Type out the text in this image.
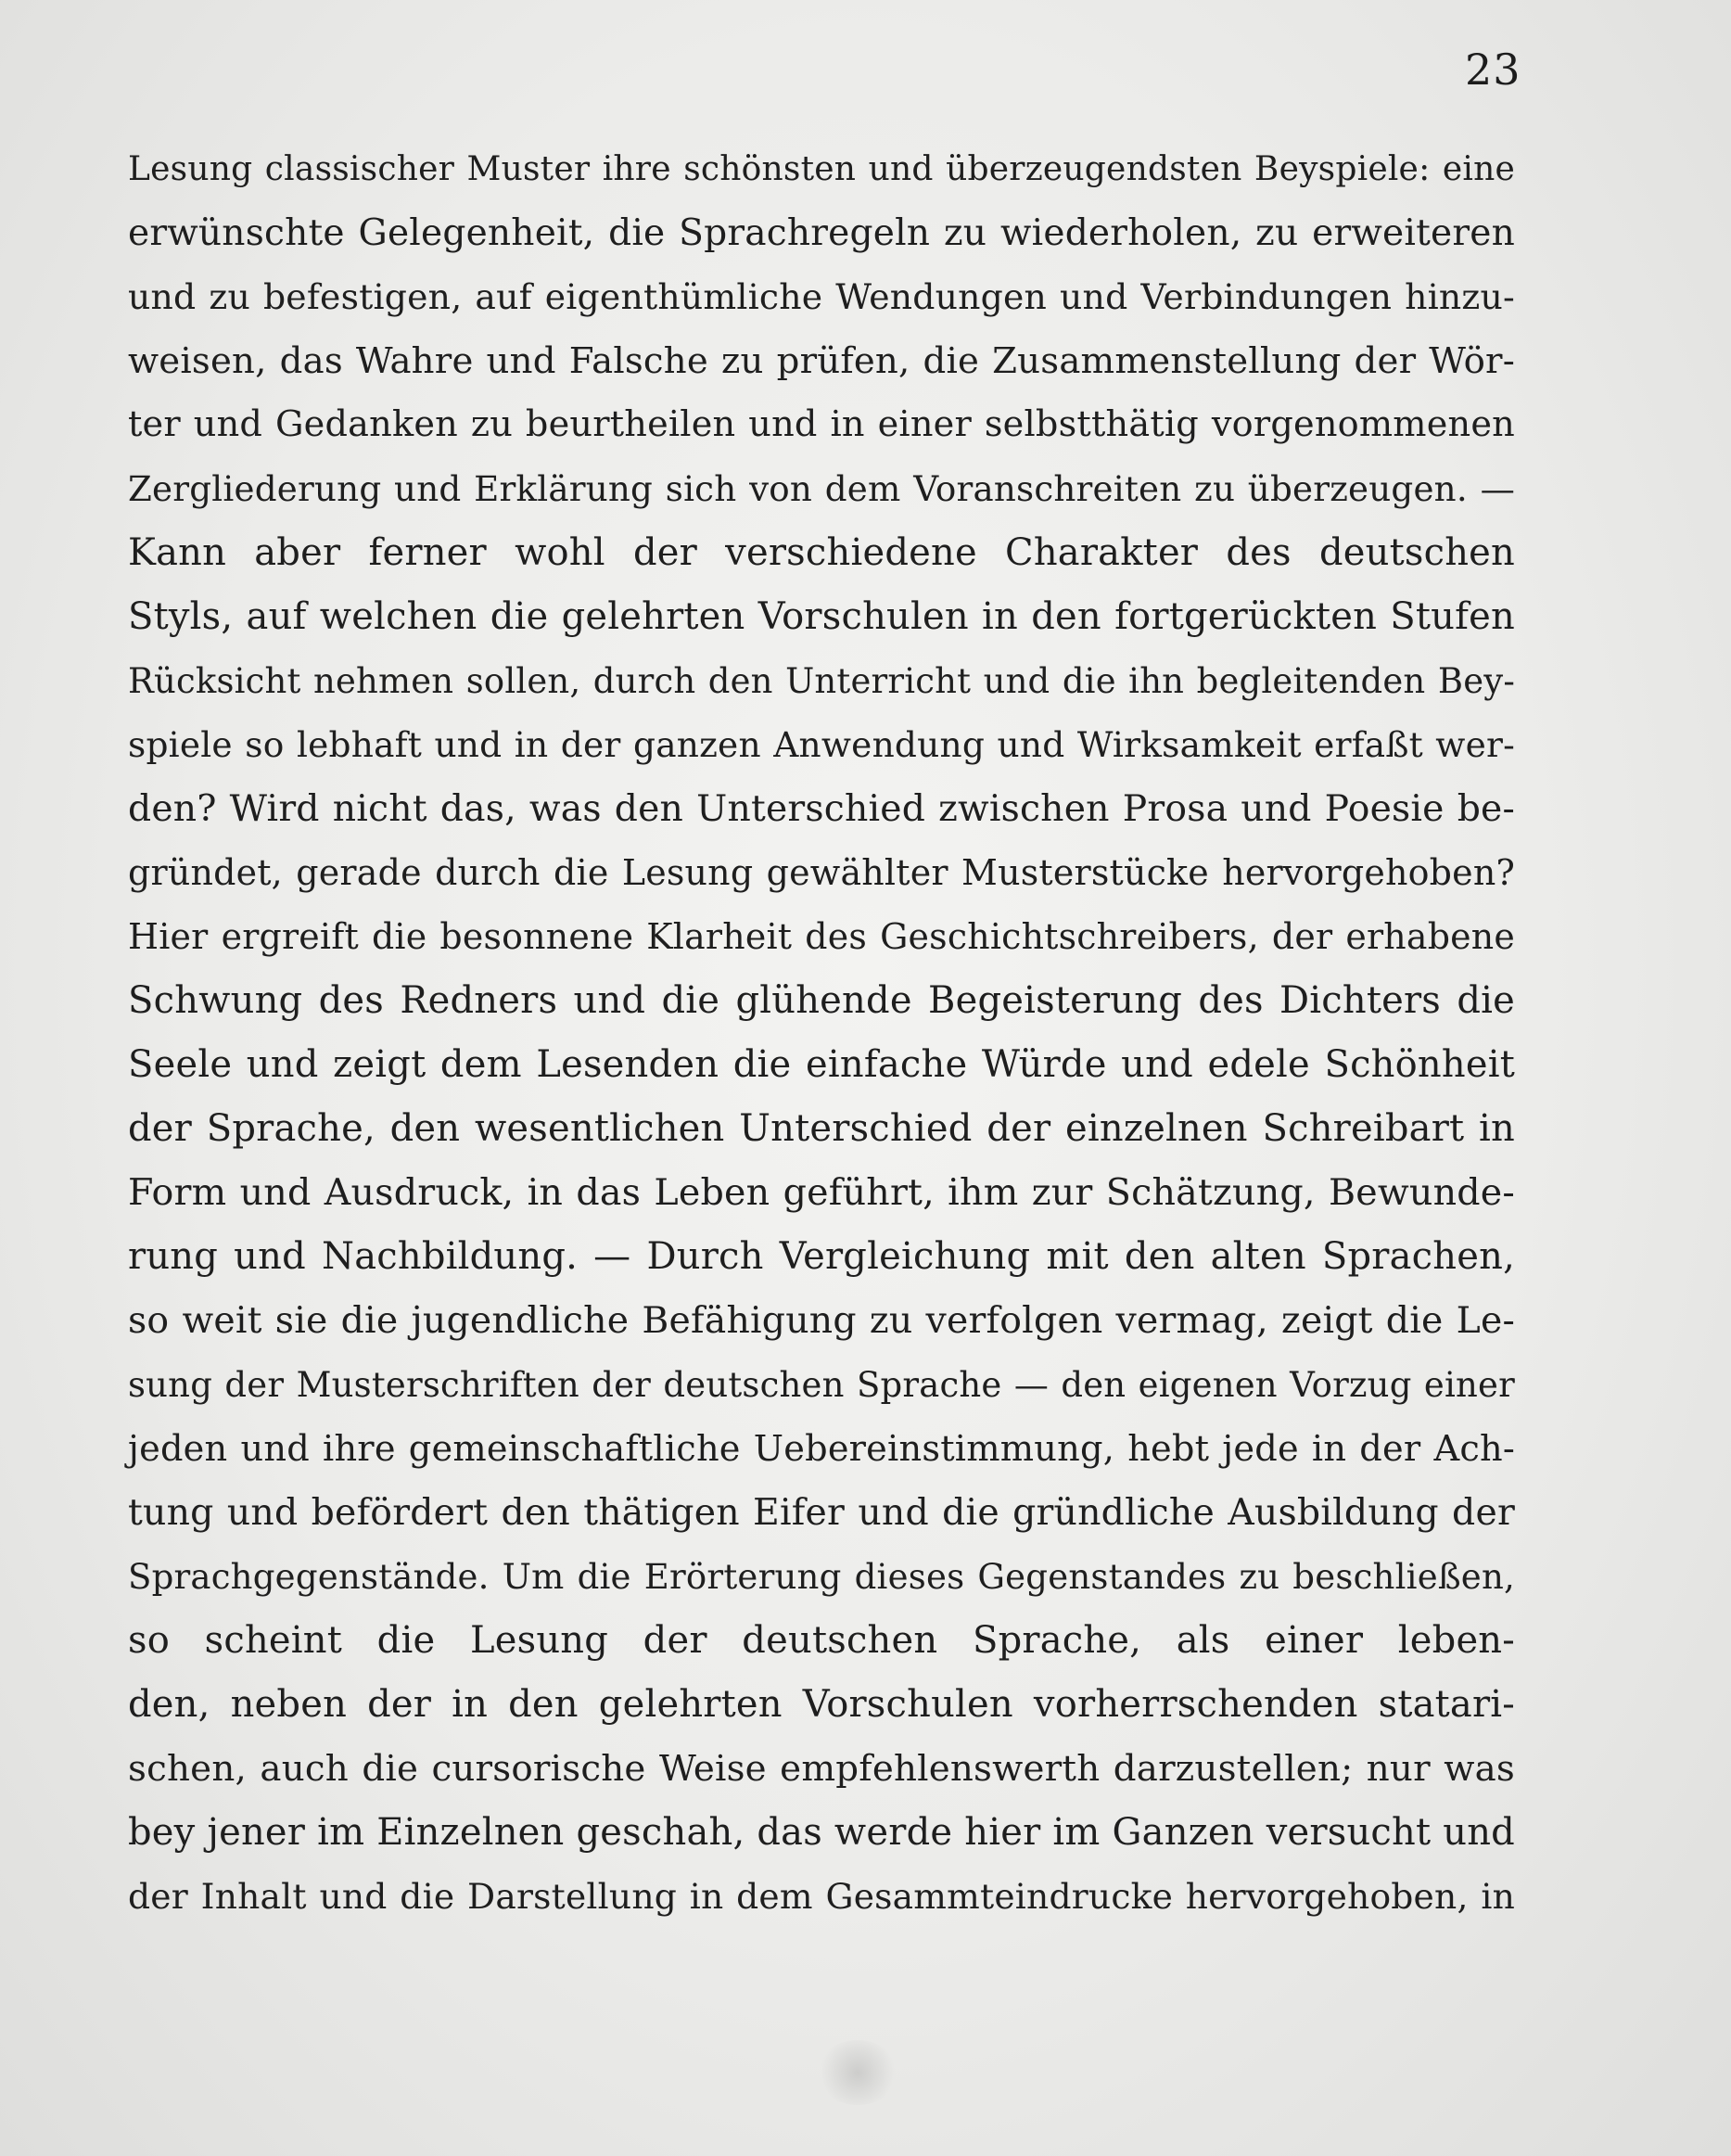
23
Lesung classischer Muster ihre schönsten und überzeugendsten Beyspiele: eine
erwünschte Gelegenheit, die Sprachregeln zu wiederholen, zu erweiteren
und zu befestigen, auf eigenthümliche Wendungen und Verbindungen hinzu-
weisen, das Wahre und Falsche zu prüfen, die Zusammenstellung der Wör-
ter und Gedanken zu beurtheilen und in einer selbstthätig vorgenommenen
Zergliederung und Erklärung sich von dem Voranschreiten zu überzeugen. —
Kann aber ferner wohl der verschiedene Charakter des deutschen
Styls, auf welchen die gelehrten Vorschulen in den fortgerückten Stufen
Rücksicht nehmen sollen, durch den Unterricht und die ihn begleitenden Bey-
spiele so lebhaft und in der ganzen Anwendung und Wirksamkeit erfaßt wer-
den? Wird nicht das, was den Unterschied zwischen Prosa und Poesie be-
gründet, gerade durch die Lesung gewählter Musterstücke hervorgehoben?
Hier ergreift die besonnene Klarheit des Geschichtschreibers, der erhabene
Schwung des Redners und die glühende Begeisterung des Dichters die
Seele und zeigt dem Lesenden die einfache Würde und edele Schönheit
der Sprache, den wesentlichen Unterschied der einzelnen Schreibart in
Form und Ausdruck, in das Leben geführt, ihm zur Schätzung, Bewunde-
rung und Nachbildung. — Durch Vergleichung mit den alten Sprachen,
so weit sie die jugendliche Befähigung zu verfolgen vermag, zeigt die Le-
sung der Musterschriften der deutschen Sprache — den eigenen Vorzug einer
jeden und ihre gemeinschaftliche Uebereinstimmung, hebt jede in der Ach-
tung und befördert den thätigen Eifer und die gründliche Ausbildung der
Sprachgegenstände. Um die Erörterung dieses Gegenstandes zu beschließen,
so scheint die Lesung der deutschen Sprache, als einer leben-
den, neben der in den gelehrten Vorschulen vorherrschenden statari-
schen, auch die cursorische Weise empfehlenswerth darzustellen; nur was
bey jener im Einzelnen geschah, das werde hier im Ganzen versucht und
der Inhalt und die Darstellung in dem Gesammteindrucke hervorgehoben, in
